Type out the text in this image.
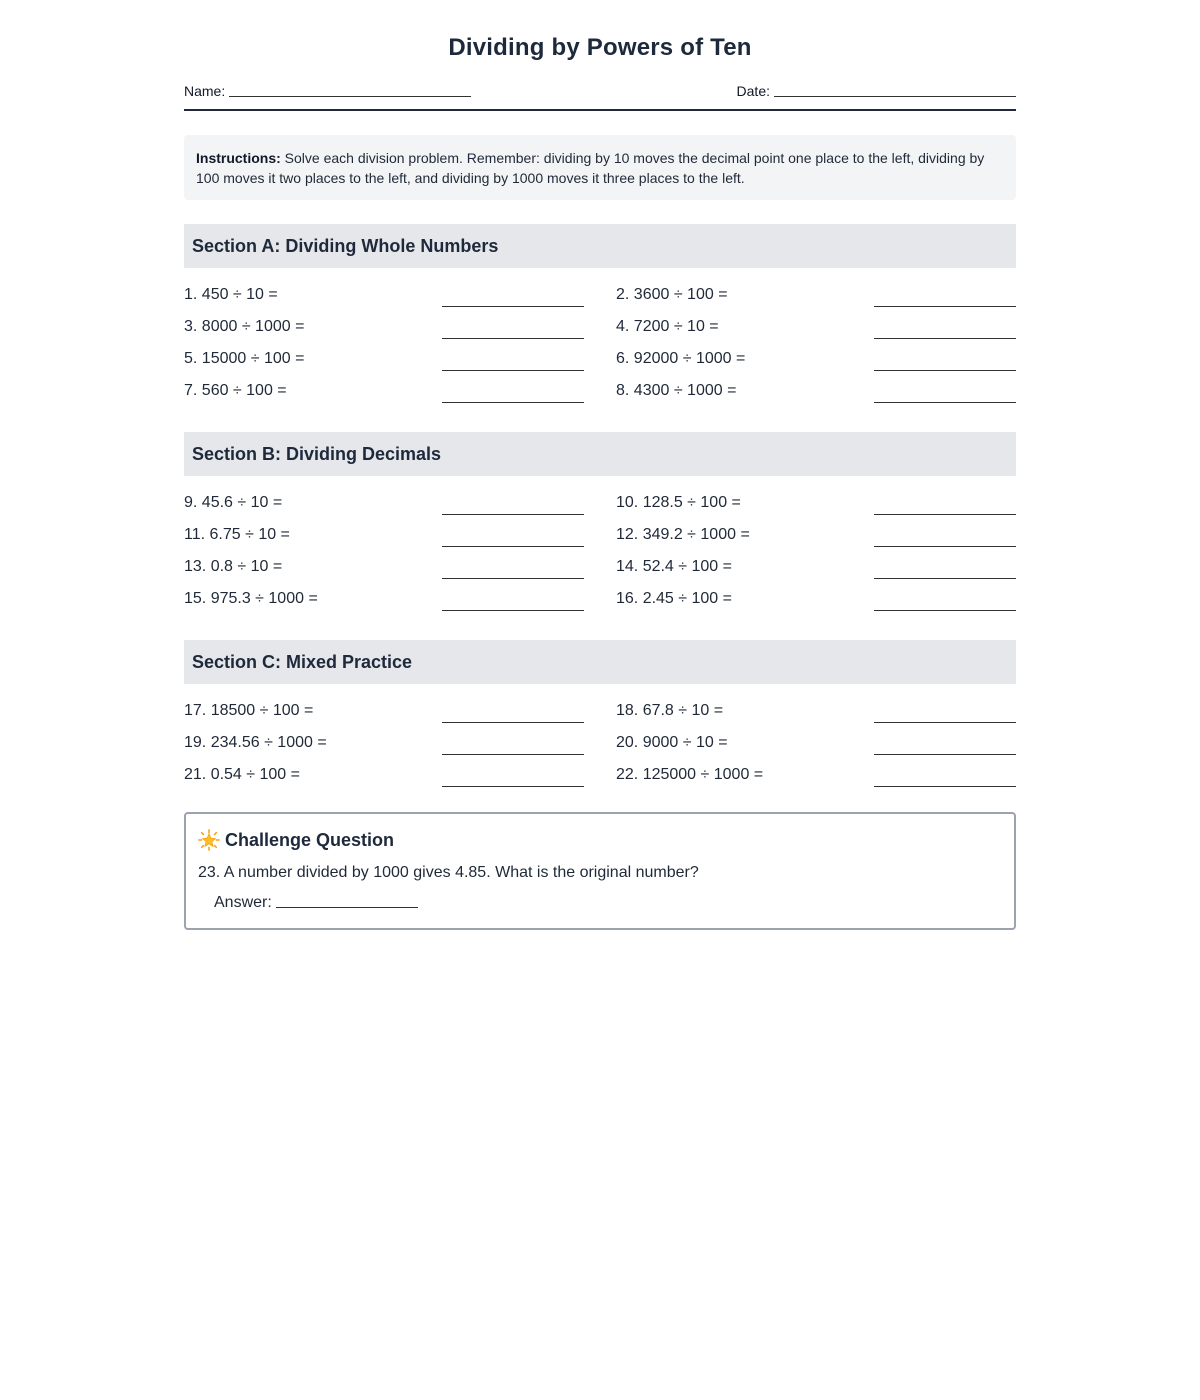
Dividing by Powers of Ten
Name:	Date:
Instructions: Solve each division problem. Remember: dividing by 10 moves the decimal point one place to the left, dividing by 100 moves it two places to the left, and dividing by 1000 moves it three places to the left.
Section A: Dividing Whole Numbers
1. 450 ÷ 10 =	2. 3600 ÷ 100 =
3. 8000 ÷ 1000 =	4. 7200 ÷ 10 =
5. 15000 ÷ 100 =	6. 92000 ÷ 1000 =
7. 560 ÷ 100 =	8. 4300 ÷ 1000 =
Section B: Dividing Decimals
9. 45.6 ÷ 10 =	10. 128.5 ÷ 100 =
11. 6.75 ÷ 10 =	12. 349.2 ÷ 1000 =
13. 0.8 ÷ 10 =	14. 52.4 ÷ 100 =
15. 975.3 ÷ 1000 =	16. 2.45 ÷ 100 =
Section C: Mixed Practice
17. 18500 ÷ 100 =	18. 67.8 ÷ 10 =
19. 234.56 ÷ 1000 =	20. 9000 ÷ 10 =
21. 0.54 ÷ 100 =	22. 125000 ÷ 1000 =
Challenge Question
23. A number divided by 1000 gives 4.85. What is the original number?
Answer:
